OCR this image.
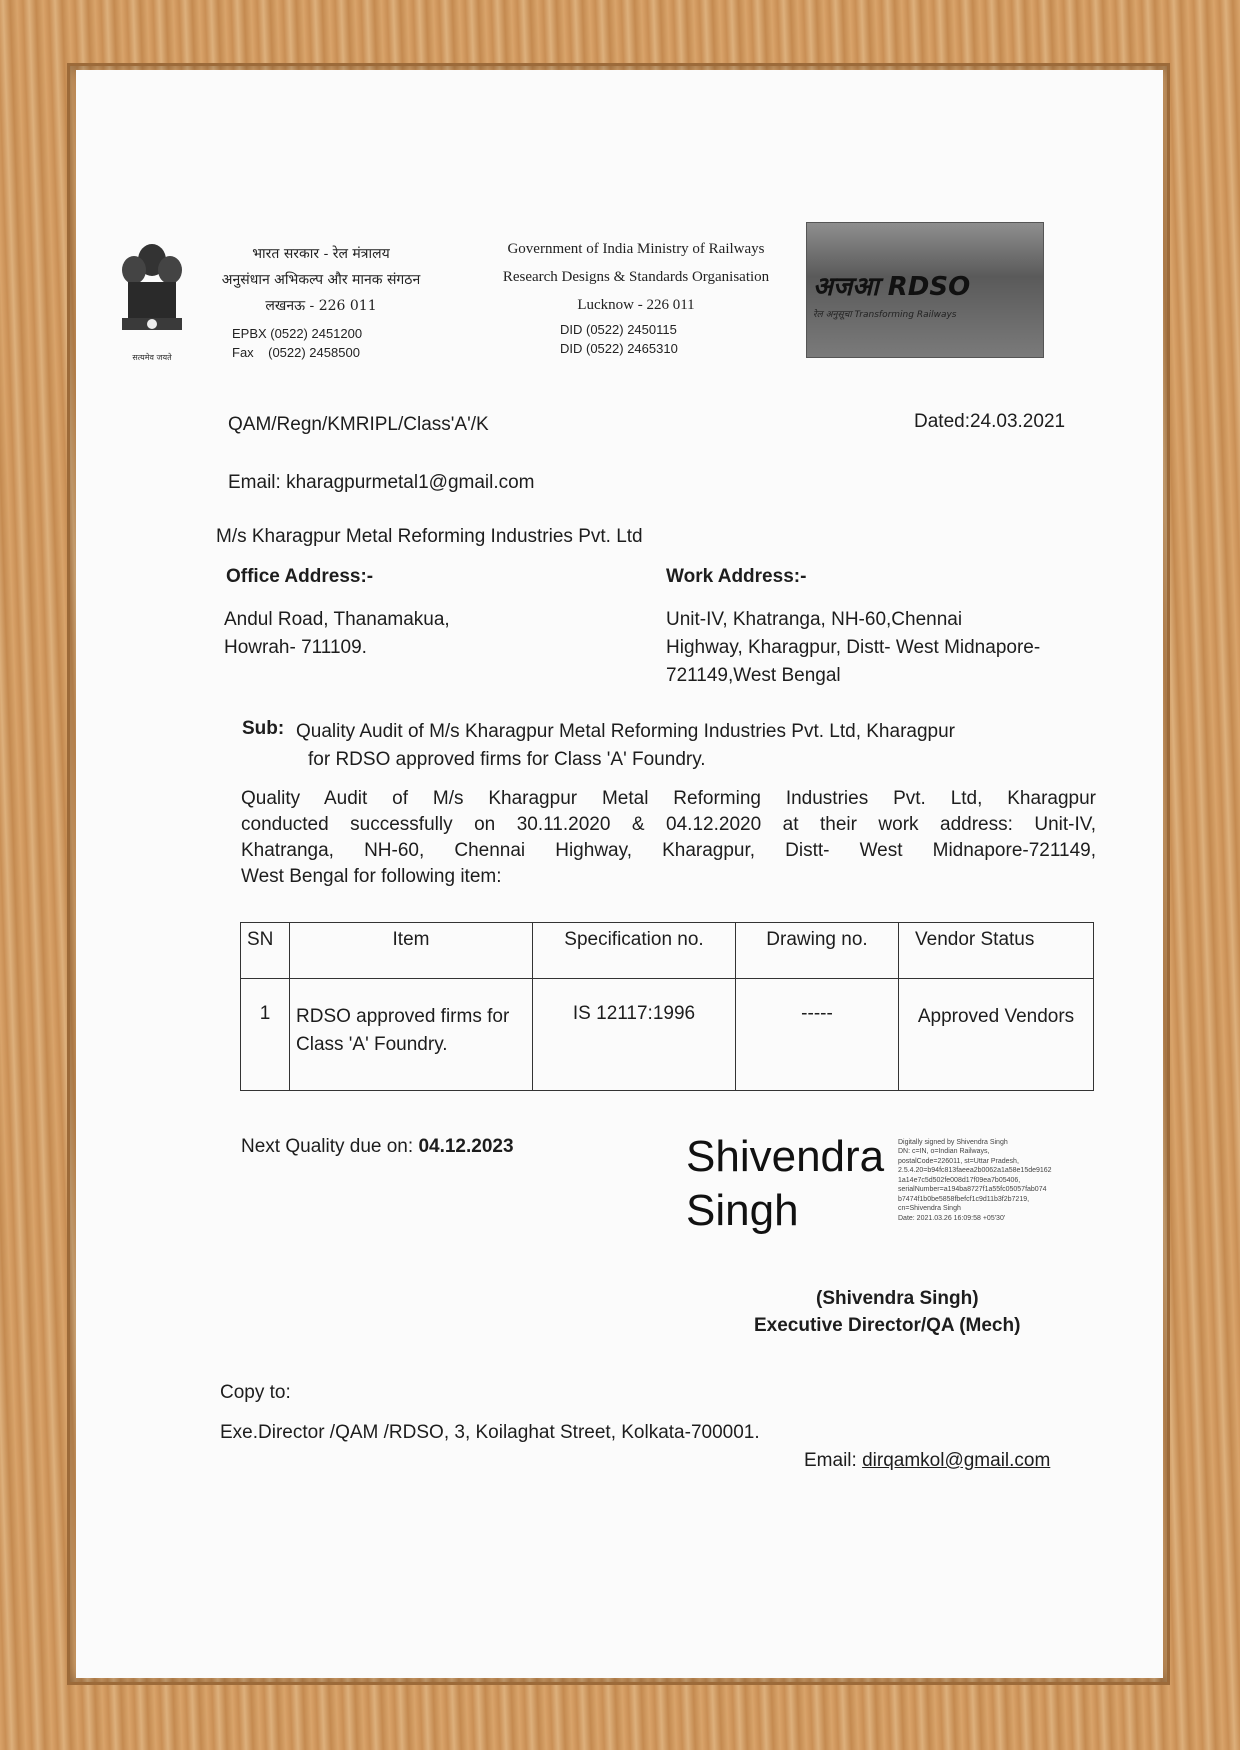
सत्यमेव जयते
भारत सरकार - रेल मंत्रालय
अनुसंधान अभिकल्प और मानक संगठन
लखनऊ - 226 011
EPBX (0522) 2451200
Fax    (0522) 2458500
Government of India Ministry of Railways
Research Designs & Standards Organisation
Lucknow - 226 011
DID (0522) 2450115
DID (0522) 2465310
अजआ RDSO
रेल अनुसूचा Transforming Railways
QAM/Regn/KMRIPL/Class'A'/K	Dated:24.03.2021
Email: kharagpurmetal1@gmail.com
M/s Kharagpur Metal Reforming Industries Pvt. Ltd
Office Address:-
Andul Road, Thanamakua,
Howrah- 711109.
Work Address:-
Unit-IV, Khatranga, NH-60,Chennai
Highway, Kharagpur, Distt- West Midnapore-
721149,West Bengal
Sub: Quality Audit of M/s Kharagpur Metal Reforming Industries Pvt. Ltd, Kharagpur
for RDSO approved firms for Class 'A' Foundry.
Quality Audit of M/s Kharagpur Metal Reforming Industries Pvt. Ltd, Kharagpur
conducted successfully on 30.11.2020 & 04.12.2020 at their work address: Unit-IV,
Khatranga, NH-60, Chennai Highway, Kharagpur, Distt- West Midnapore-721149,
West Bengal for following item:
SN	Item	Specification no.	Drawing no.	Vendor Status
1	RDSO approved firms for Class 'A' Foundry.	IS 12117:1996	-----	Approved Vendors
Next Quality due on: 04.12.2023	Shivendra
Singh
Digitally signed by Shivendra Singh
DN: c=IN, o=Indian Railways,
postalCode=226011, st=Uttar Pradesh,
2.5.4.20=b94fc813faeea2b0062a1a58e15de9162
1a14e7c5d502fe008d17f09ea7b05406,
serialNumber=a194ba8727f1a55fc05057fab074
b7474f1b0be5858fbefcf1c9d11b3f2b7219,
cn=Shivendra Singh
Date: 2021.03.26 16:09:58 +05'30'
(Shivendra Singh)
Executive Director/QA (Mech)
Copy to:
Exe.Director /QAM /RDSO, 3, Koilaghat Street, Kolkata-700001.
Email: dirqamkol@gmail.com
